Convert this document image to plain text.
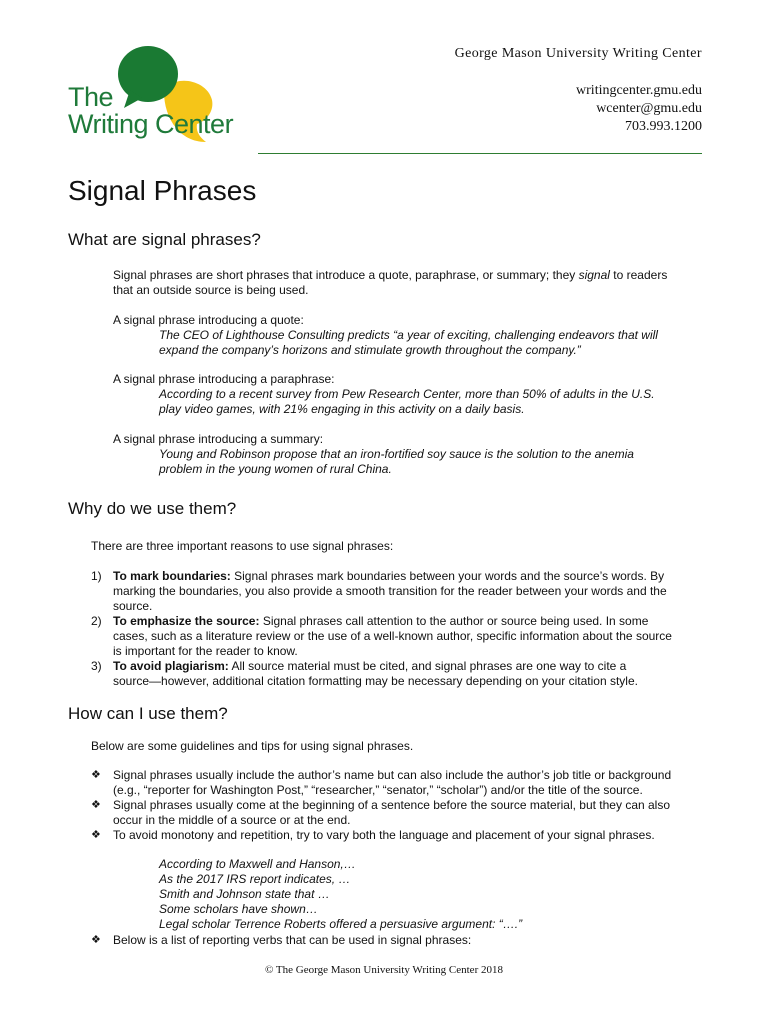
The
Writing Center
George Mason University Writing Center
writingcenter.gmu.edu
wcenter@gmu.edu
703.993.1200
Signal Phrases
What are signal phrases?
Signal phrases are short phrases that introduce a quote, paraphrase, or summary; they signal to readers
that an outside source is being used.
A signal phrase introducing a quote:
The CEO of Lighthouse Consulting predicts “a year of exciting, challenging endeavors that will
expand the company’s horizons and stimulate growth throughout the company.”
A signal phrase introducing a paraphrase:
According to a recent survey from Pew Research Center, more than 50% of adults in the U.S.
play video games, with 21% engaging in this activity on a daily basis.
A signal phrase introducing a summary:
Young and Robinson propose that an iron-fortified soy sauce is the solution to the anemia
problem in the young women of rural China.
Why do we use them?
There are three important reasons to use signal phrases:
1) To mark boundaries: Signal phrases mark boundaries between your words and the source’s words. By
marking the boundaries, you also provide a smooth transition for the reader between your words and the
source.
2) To emphasize the source: Signal phrases call attention to the author or source being used. In some
cases, such as a literature review or the use of a well-known author, specific information about the source
is important for the reader to know.
3) To avoid plagiarism: All source material must be cited, and signal phrases are one way to cite a
source—however, additional citation formatting may be necessary depending on your citation style.
How can I use them?
Below are some guidelines and tips for using signal phrases.
❖ Signal phrases usually include the author’s name but can also include the author’s job title or background
(e.g., “reporter for Washington Post,” “researcher,” “senator,” “scholar”) and/or the title of the source.
❖ Signal phrases usually come at the beginning of a sentence before the source material, but they can also
occur in the middle of a source or at the end.
❖ To avoid monotony and repetition, try to vary both the language and placement of your signal phrases.
According to Maxwell and Hanson,…
As the 2017 IRS report indicates, …
Smith and Johnson state that …
Some scholars have shown…
Legal scholar Terrence Roberts offered a persuasive argument: “….”
❖ Below is a list of reporting verbs that can be used in signal phrases:
© The George Mason University Writing Center 2018
